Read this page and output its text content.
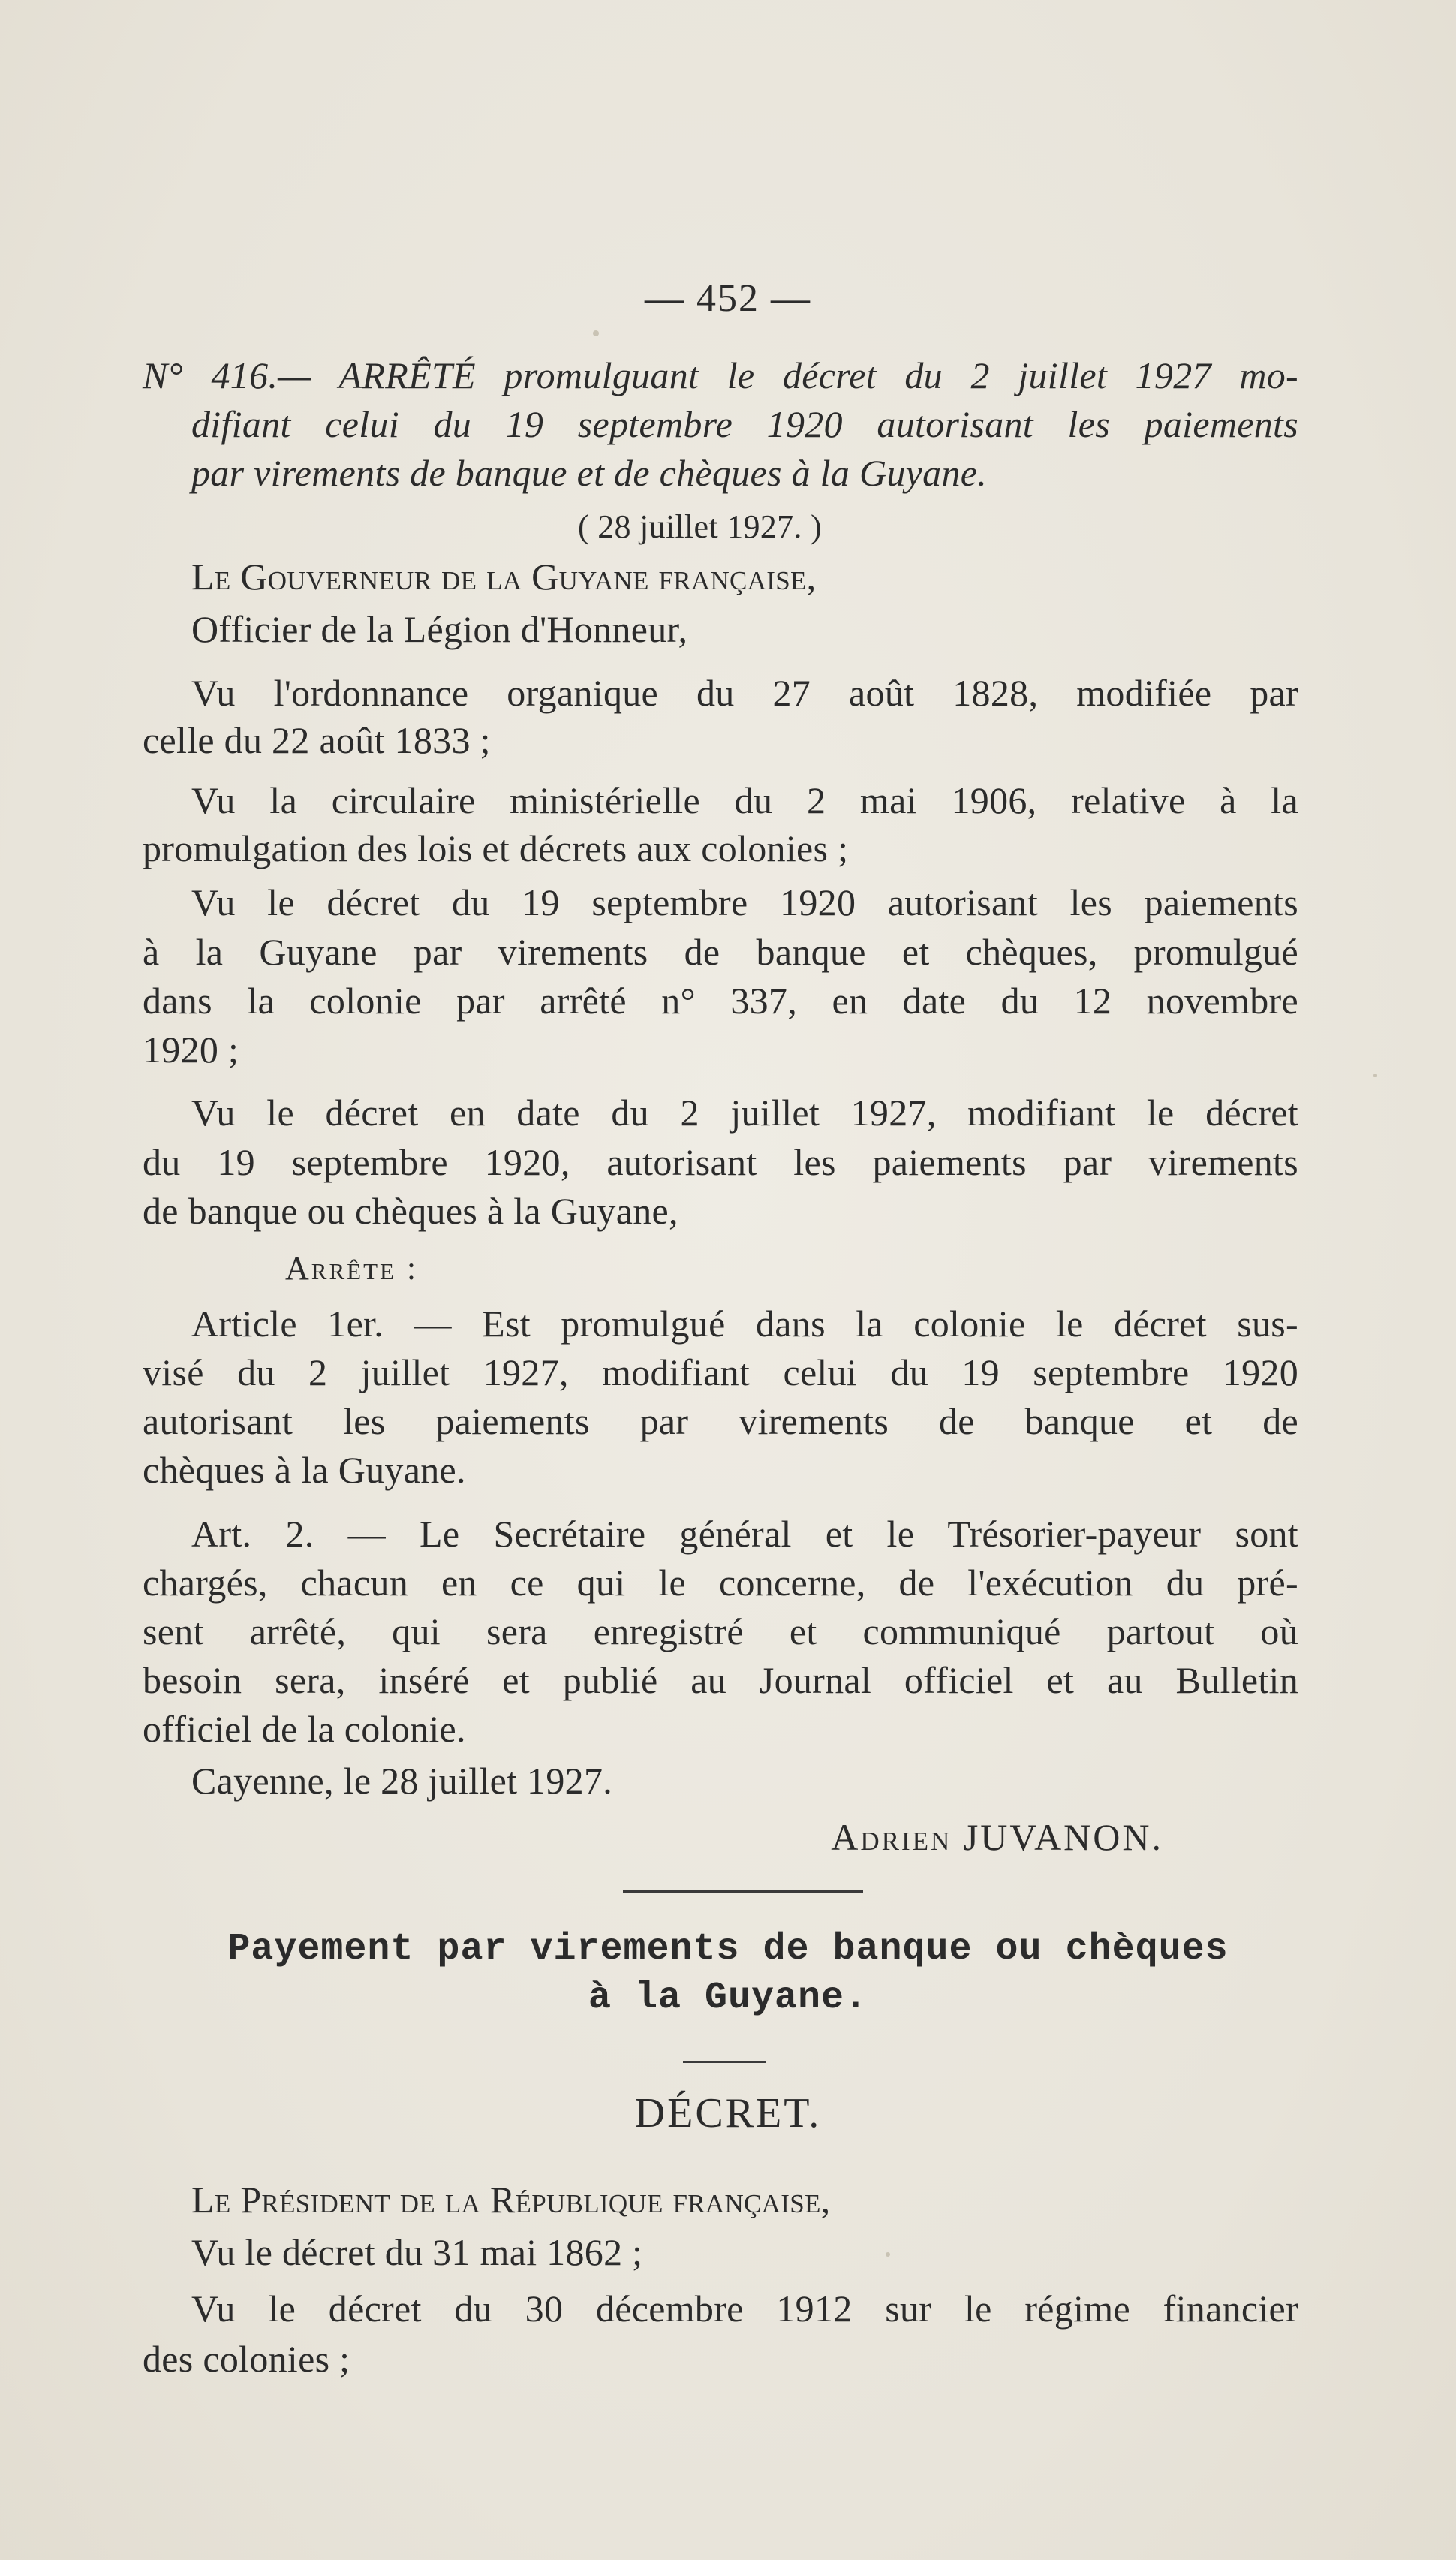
— 452 —
N° 416.— ARRÊTÉ promulguant le décret du 2 juillet 1927 mo-
difiant celui du 19 septembre 1920 autorisant les paiements
par virements de banque et de chèques à la Guyane.
( 28 juillet 1927. )
Le Gouverneur de la Guyane française,
Officier de la Légion d'Honneur,
Vu l'ordonnance organique du 27 août 1828, modifiée par
celle du 22 août 1833 ;
Vu la circulaire ministérielle du 2 mai 1906, relative à la
promulgation des lois et décrets aux colonies ;
Vu le décret du 19 septembre 1920 autorisant les paiements
à la Guyane par virements de banque et chèques, promulgué
dans la colonie par arrêté n° 337, en date du 12 novembre
1920 ;
Vu le décret en date du 2 juillet 1927, modifiant le décret
du 19 septembre 1920, autorisant les paiements par virements
de banque ou chèques à la Guyane,
Arrête :
Article 1er. — Est promulgué dans la colonie le décret sus-
visé du 2 juillet 1927, modifiant celui du 19 septembre 1920
autorisant les paiements par virements de banque et de
chèques à la Guyane.
Art. 2. — Le Secrétaire général et le Trésorier-payeur sont
chargés, chacun en ce qui le concerne, de l'exécution du pré-
sent arrêté, qui sera enregistré et communiqué partout où
besoin sera, inséré et publié au Journal officiel et au Bulletin
officiel de la colonie.
Cayenne, le 28 juillet 1927.
Adrien JUVANON.
Payement par virements de banque ou chèques
à la Guyane.
DÉCRET.
Le Président de la République française,
Vu le décret du 31 mai 1862 ;
Vu le décret du 30 décembre 1912 sur le régime financier
des colonies ;
